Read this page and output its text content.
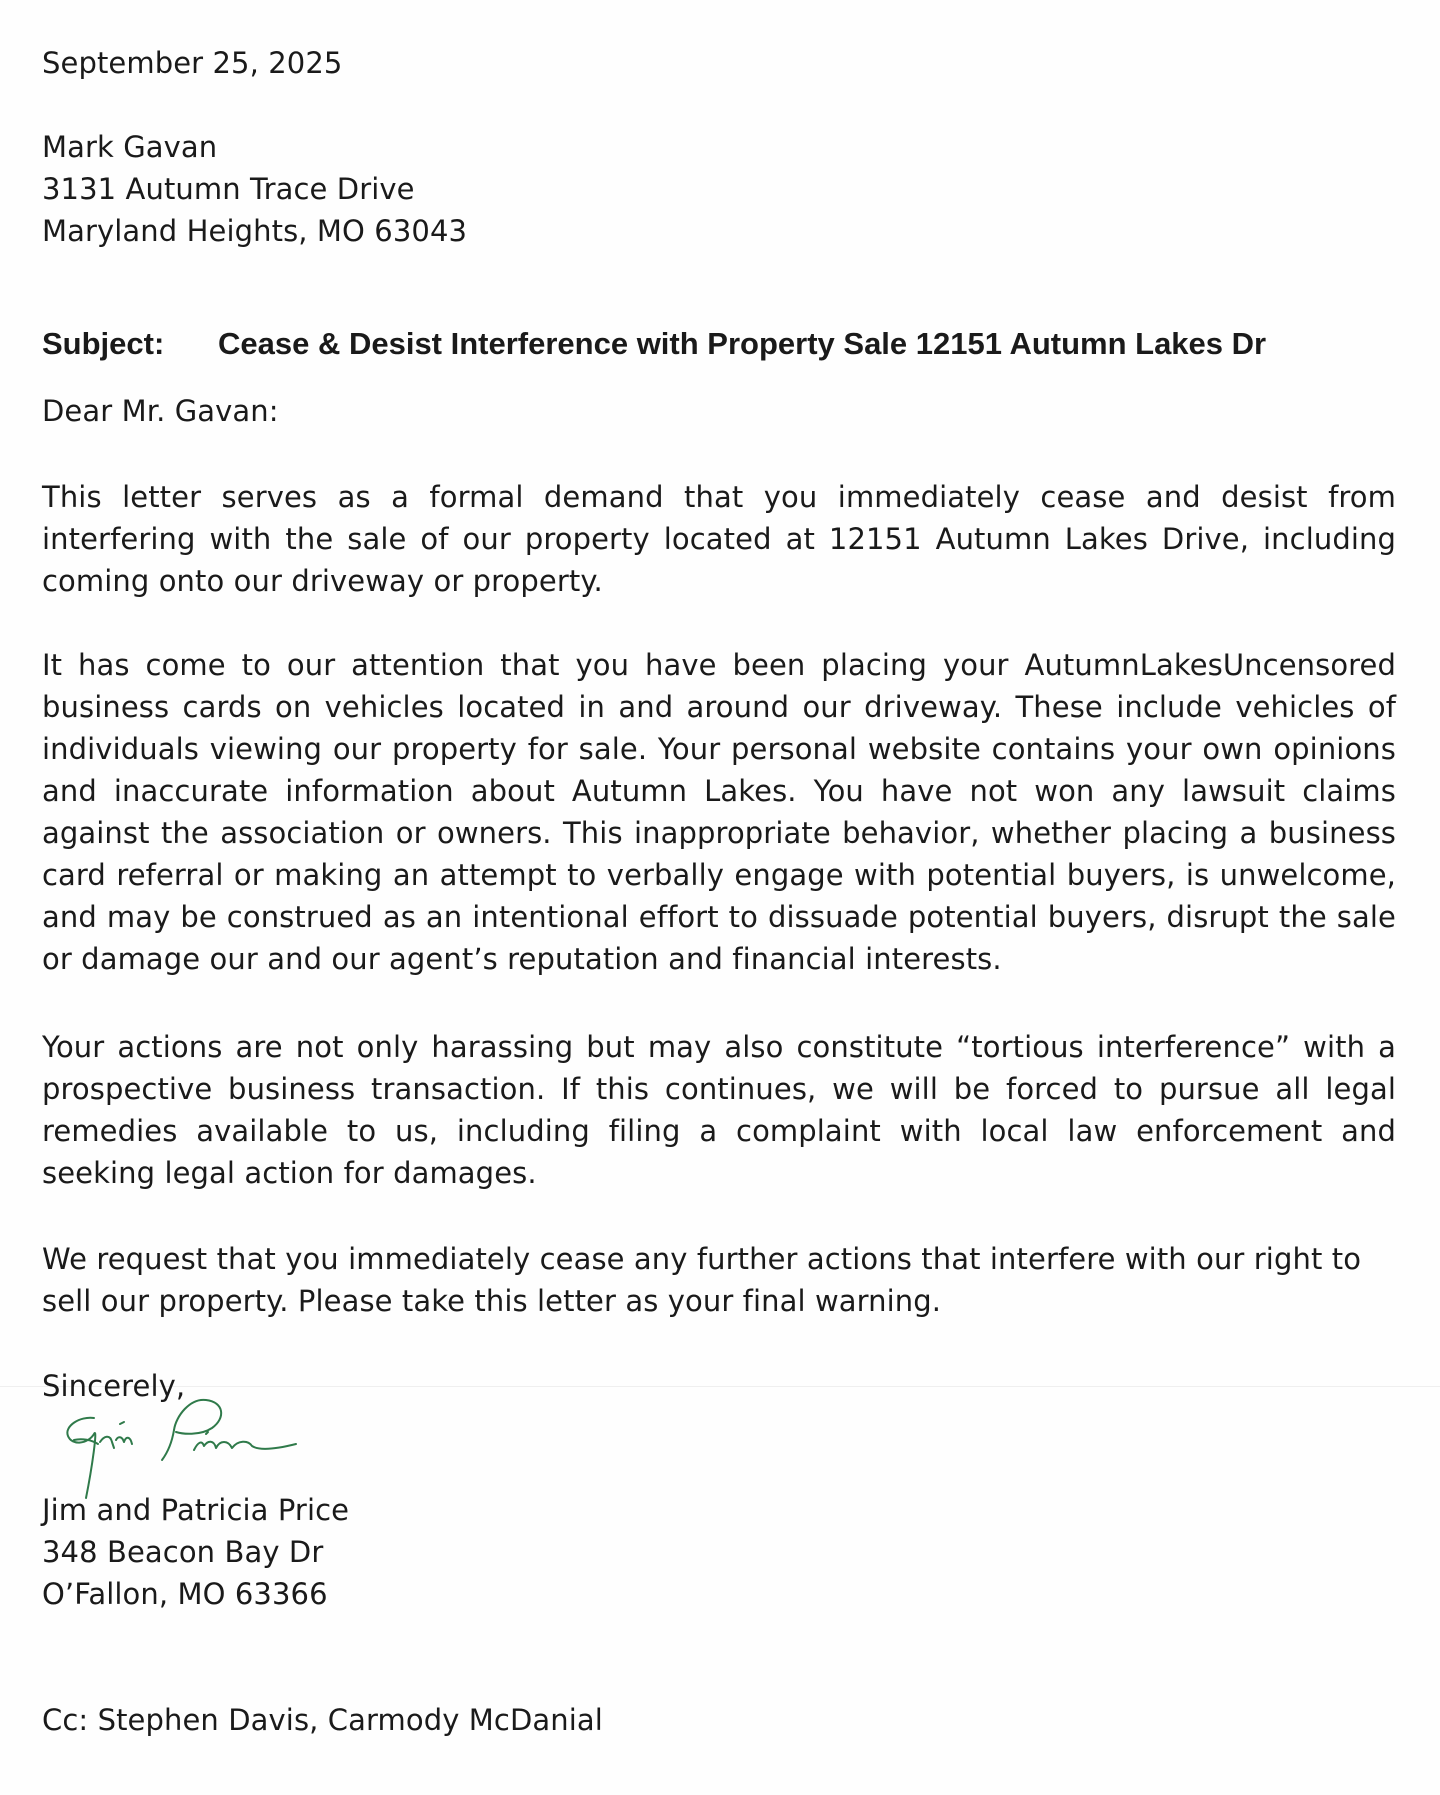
September 25, 2025
Mark Gavan
3131 Autumn Trace Drive
Maryland Heights, MO 63043
Subject: Cease & Desist Interference with Property Sale 12151 Autumn Lakes Dr
Dear Mr. Gavan:
This letter serves as a formal demand that you immediately cease and desist from interfering with the sale of our property located at 12151 Autumn Lakes Drive, including coming onto our driveway or property.
It has come to our attention that you have been placing your AutumnLakesUncensored business cards on vehicles located in and around our driveway. These include vehicles of individuals viewing our property for sale. Your personal website contains your own opinions and inaccurate information about Autumn Lakes. You have not won any lawsuit claims against the association or owners. This inappropriate behavior, whether placing a business card referral or making an attempt to verbally engage with potential buyers, is unwelcome, and may be construed as an intentional effort to dissuade potential buyers, disrupt the sale or damage our and our agent’s reputation and financial interests.
Your actions are not only harassing but may also constitute “tortious interference” with a prospective business transaction. If this continues, we will be forced to pursue all legal remedies available to us, including filing a complaint with local law enforcement and seeking legal action for damages.
We request that you immediately cease any further actions that interfere with our right to sell our property. Please take this letter as your final warning.
Sincerely,
Jim and Patricia Price
348 Beacon Bay Dr
O’Fallon, MO 63366
Cc: Stephen Davis, Carmody McDanial
